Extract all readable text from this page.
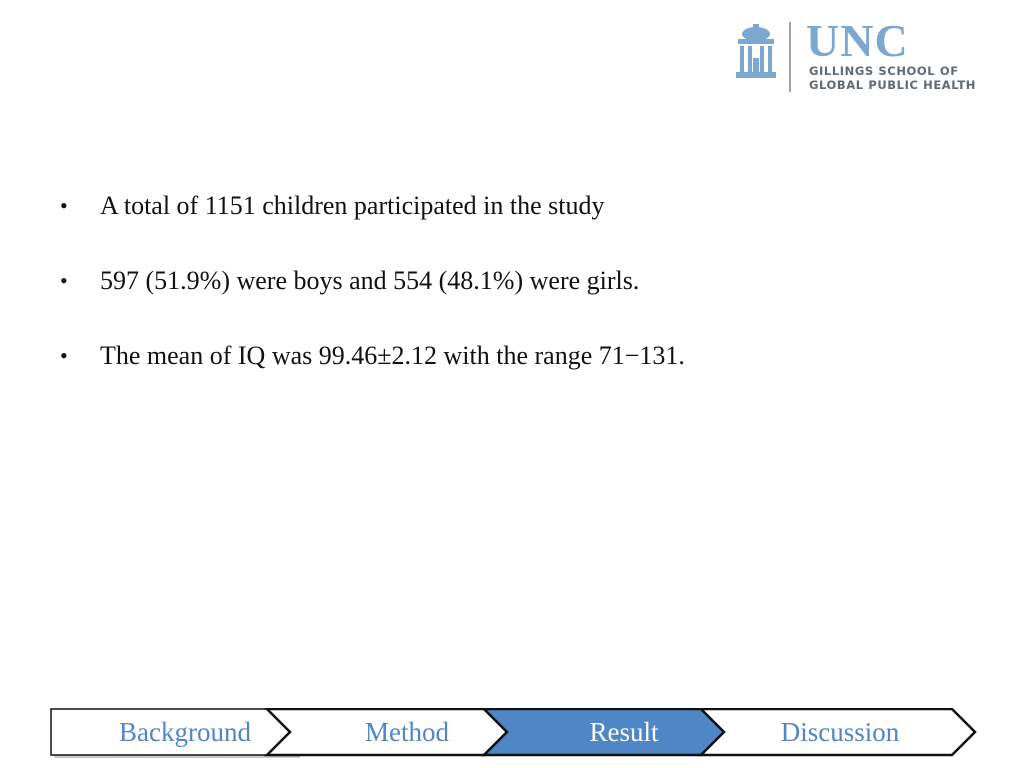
UNC
GILLINGS SCHOOL OF
GLOBAL PUBLIC HEALTH
• A total of 1151 children participated in the study
• 597 (51.9%) were boys and 554 (48.1%) were girls.
• The mean of IQ was 99.46±2.12 with the range 71−131.
Background	Method	Result	Discussion
